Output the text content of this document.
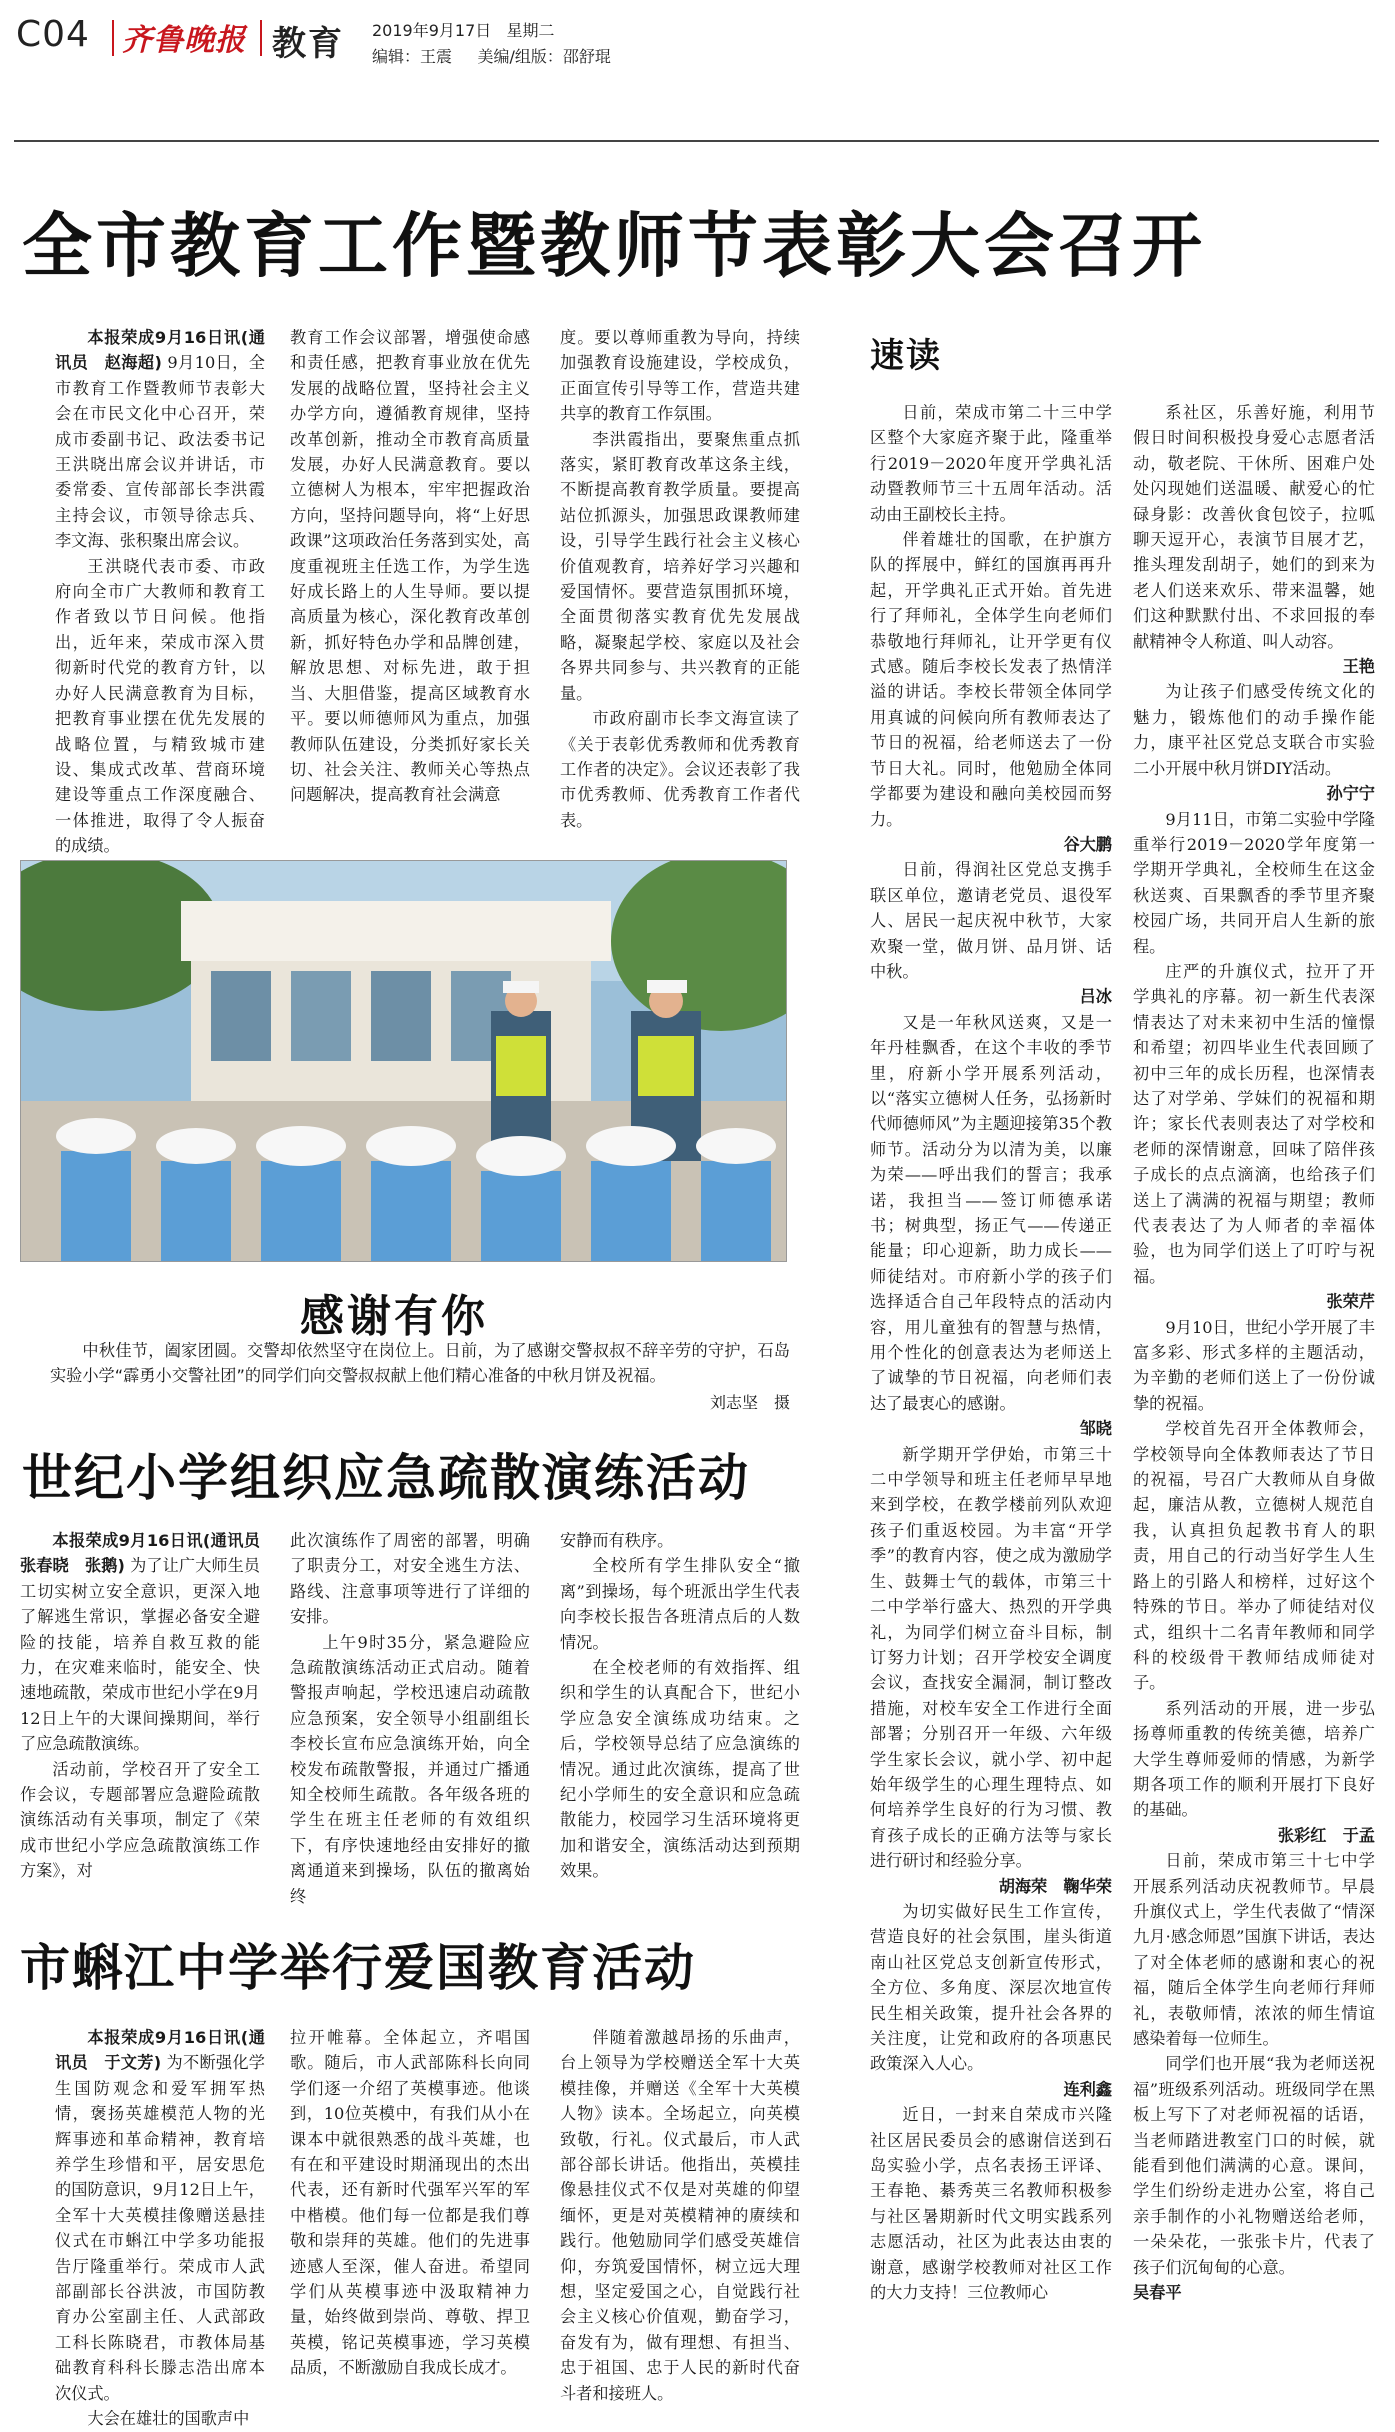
C04 齐鲁晚报 教育 2019年9月17日 星期二
编辑：王震 美编/组版：邵舒琨
全市教育工作暨教师节表彰大会召开

本报荣成9月16日讯(通讯员　赵海超) 9月10日，全市教育工作暨教师节表彰大会在市民文化中心召开，荣成市委副书记、政法委书记王洪晓出席会议并讲话，市委常委、宣传部部长李洪霞主持会议，市领导徐志兵、李文海、张积聚出席会议。

王洪晓代表市委、市政府向全市广大教师和教育工作者致以节日问候。他指出，近年来，荣成市深入贯彻新时代党的教育方针，以办好人民满意教育为目标，把教育事业摆在优先发展的战略位置，与精致城市建设、集成式改革、营商环境建设等重点工作深度融合、一体推进，取得了令人振奋的成绩。

教育工作会议部署，增强使命感和责任感，把教育事业放在优先发展的战略位置，坚持社会主义办学方向，遵循教育规律，坚持改革创新，推动全市教育高质量发展，办好人民满意教育。要以立德树人为根本，牢牢把握政治方向，坚持问题导向，将“上好思政课”这项政治任务落到实处，高度重视班主任选工作，为学生选好成长路上的人生导师。要以提高质量为核心，深化教育改革创新，抓好特色办学和品牌创建，解放思想、对标先进，敢于担当、大胆借鉴，提高区域教育水平。要以师德师风为重点，加强教师队伍建设，分类抓好家长关切、社会关注、教师关心等热点问题解决，提高教育社会满意

度。要以尊师重教为导向，持续加强教育设施建设，学校成负，正面宣传引导等工作，营造共建共享的教育工作氛围。

李洪霞指出，要聚焦重点抓落实，紧盯教育改革这条主线，不断提高教育教学质量。要提高站位抓源头，加强思政课教师建设，引导学生践行社会主义核心价值观教育，培养好学习兴趣和爱国情怀。要营造氛围抓环境，全面贯彻落实教育优先发展战略，凝聚起学校、家庭以及社会各界共同参与、共兴教育的正能量。

市政府副市长李文海宣读了《关于表彰优秀教师和优秀教育工作者的决定》。会议还表彰了我市优秀教师、优秀教育工作者代表。

感谢有你

中秋佳节，阖家团圆。交警却依然坚守在岗位上。日前，为了感谢交警叔叔不辞辛劳的守护，石岛实验小学“霹勇小交警社团”的同学们向交警叔叔献上他们精心准备的中秋月饼及祝福。

刘志坚　摄
世纪小学组织应急疏散演练活动

本报荣成9月16日讯(通讯员　张春晓　张鹅) 为了让广大师生员工切实树立安全意识，更深入地了解逃生常识，掌握必备安全避险的技能，培养自救互救的能力，在灾难来临时，能安全、快速地疏散，荣成市世纪小学在9月12日上午的大课间操期间，举行了应急疏散演练。

活动前，学校召开了安全工作会议，专题部署应急避险疏散演练活动有关事项，制定了《荣成市世纪小学应急疏散演练工作方案》，对

此次演练作了周密的部署，明确了职责分工，对安全逃生方法、路线、注意事项等进行了详细的安排。

上午9时35分，紧急避险应急疏散演练活动正式启动。随着警报声响起，学校迅速启动疏散应急预案，安全领导小组副组长李校长宣布应急演练开始，向全校发布疏散警报，并通过广播通知全校师生疏散。各年级各班的学生在班主任老师的有效组织下，有序快速地经由安排好的撤离通道来到操场，队伍的撤离始终

安静而有秩序。

全校所有学生排队安全“撤离”到操场，每个班派出学生代表向李校长报告各班清点后的人数情况。

在全校老师的有效指挥、组织和学生的认真配合下，世纪小学应急安全演练成功结束。之后，学校领导总结了应急演练的情况。通过此次演练，提高了世纪小学师生的安全意识和应急疏散能力，校园学习生活环境将更加和谐安全，演练活动达到预期效果。

市蝌江中学举行爱国教育活动

本报荣成9月16日讯(通讯员　于文芳) 为不断强化学生国防观念和爱军拥军热情，褒扬英雄模范人物的光辉事迹和革命精神，教育培养学生珍惜和平，居安思危的国防意识，9月12日上午，全军十大英模挂像赠送悬挂仪式在市蝌江中学多功能报告厅隆重举行。荣成市人武部副部长谷洪波，市国防教育办公室副主任、人武部政工科长陈晓君，市教体局基础教育科科长滕志浩出席本次仪式。

大会在雄壮的国歌声中

拉开帷幕。全体起立，齐唱国歌。随后，市人武部陈科长向同学们逐一介绍了英模事迹。他谈到，10位英模中，有我们从小在课本中就很熟悉的战斗英雄，也有在和平建设时期涌现出的杰出代表，还有新时代强军兴军的军中楷模。他们每一位都是我们尊敬和崇拜的英雄。他们的先进事迹感人至深，催人奋进。希望同学们从英模事迹中汲取精神力量，始终做到崇尚、尊敬、捍卫英模，铭记英模事迹，学习英模品质，不断激励自我成长成才。

伴随着激越昂扬的乐曲声，台上领导为学校赠送全军十大英模挂像，并赠送《全军十大英模人物》读本。全场起立，向英模致敬，行礼。仪式最后，市人武部谷部长讲话。他指出，英模挂像悬挂仪式不仅是对英雄的仰望缅怀，更是对英模精神的赓续和践行。他勉励同学们感受英雄信仰，夯筑爱国情怀，树立远大理想，坚定爱国之心，自觉践行社会主义核心价值观，勤奋学习，奋发有为，做有理想、有担当、忠于祖国、忠于人民的新时代奋斗者和接班人。

速读

日前，荣成市第二十三中学区整个大家庭齐聚于此，隆重举行2019－2020年度开学典礼活动暨教师节三十五周年活动。活动由王副校长主持。

伴着雄壮的国歌，在护旗方队的挥展中，鲜红的国旗再再升起，开学典礼正式开始。首先进行了拜师礼，全体学生向老师们恭敬地行拜师礼，让开学更有仪式感。随后李校长发表了热情洋溢的讲话。李校长带领全体同学用真诚的问候向所有教师表达了节日的祝福，给老师送去了一份节日大礼。同时，他勉励全体同学都要为建设和融向美校园而努力。

谷大鹏

日前，得润社区党总支携手联区单位，邀请老党员、退役军人、居民一起庆祝中秋节，大家欢聚一堂，做月饼、品月饼、话中秋。

吕冰

又是一年秋风送爽，又是一年丹桂飘香，在这个丰收的季节里，府新小学开展系列活动，以“落实立德树人任务，弘扬新时代师德师风”为主题迎接第35个教师节。活动分为以清为美，以廉为荣——呼出我们的誓言；我承诺，我担当——签订师德承诺书；树典型，扬正气——传递正能量；印心迎新，助力成长——师徒结对。市府新小学的孩子们选择适合自己年段特点的活动内容，用儿童独有的智慧与热情，用个性化的创意表达为老师送上了诚挚的节日祝福，向老师们表达了最衷心的感谢。

邹晓

新学期开学伊始，市第三十二中学领导和班主任老师早早地来到学校，在教学楼前列队欢迎孩子们重返校园。为丰富“开学季”的教育内容，使之成为激励学生、鼓舞士气的载体，市第三十二中学举行盛大、热烈的开学典礼，为同学们树立奋斗目标，制订努力计划；召开学校安全调度会议，查找安全漏洞，制订整改措施，对校车安全工作进行全面部署；分别召开一年级、六年级学生家长会议，就小学、初中起始年级学生的心理生理特点、如何培养学生良好的行为习惯、教育孩子成长的正确方法等与家长进行研讨和经验分享。

胡海荣　鞠华荣

为切实做好民生工作宣传，营造良好的社会氛围，崖头街道南山社区党总支创新宣传形式，全方位、多角度、深层次地宣传民生相关政策，提升社会各界的关注度，让党和政府的各项惠民政策深入人心。

连利鑫

近日，一封来自荣成市兴隆社区居民委员会的感谢信送到石岛实验小学，点名表扬王评译、王春艳、綦秀英三名教师积极参与社区暑期新时代文明实践系列志愿活动，社区为此表达由衷的谢意，感谢学校教师对社区工作的大力支持！三位教师心

系社区，乐善好施，利用节假日时间积极投身爱心志愿者活动，敬老院、干休所、困难户处处闪现她们送温暖、献爱心的忙碌身影：改善伙食包饺子，拉呱聊天逗开心，表演节目展才艺，推头理发刮胡子，她们的到来为老人们送来欢乐、带来温馨，她们这种默默付出、不求回报的奉献精神令人称道、叫人动容。

王艳

为让孩子们感受传统文化的魅力，锻炼他们的动手操作能力，康平社区党总支联合市实验二小开展中秋月饼DIY活动。

孙宁宁

9月11日，市第二实验中学隆重举行2019－2020学年度第一学期开学典礼，全校师生在这金秋送爽、百果飘香的季节里齐聚校园广场，共同开启人生新的旅程。

庄严的升旗仪式，拉开了开学典礼的序幕。初一新生代表深情表达了对未来初中生活的憧憬和希望；初四毕业生代表回顾了初中三年的成长历程，也深情表达了对学弟、学妹们的祝福和期许；家长代表则表达了对学校和老师的深情谢意，回味了陪伴孩子成长的点点滴滴，也给孩子们送上了满满的祝福与期望；教师代表表达了为人师者的幸福体验，也为同学们送上了叮咛与祝福。

张荣芹

9月10日，世纪小学开展了丰富多彩、形式多样的主题活动，为辛勤的老师们送上了一份份诚挚的祝福。

学校首先召开全体教师会，学校领导向全体教师表达了节日的祝福，号召广大教师从自身做起，廉洁从教，立德树人规范自我，认真担负起教书育人的职责，用自己的行动当好学生人生路上的引路人和榜样，过好这个特殊的节日。举办了师徒结对仪式，组织十二名青年教师和同学科的校级骨干教师结成师徒对子。

系列活动的开展，进一步弘扬尊师重教的传统美德，培养广大学生尊师爱师的情感，为新学期各项工作的顺利开展打下良好的基础。

张彩红　于孟

日前，荣成市第三十七中学开展系列活动庆祝教师节。早晨升旗仪式上，学生代表做了“情深九月·感念师恩”国旗下讲话，表达了对全体老师的感谢和衷心的祝福，随后全体学生向老师行拜师礼，表敬师情，浓浓的师生情谊感染着每一位师生。

同学们也开展“我为老师送祝福”班级系列活动。班级同学在黑板上写下了对老师祝福的话语，当老师踏进教室门口的时候，就能看到他们满满的心意。课间，学生们纷纷走进办公室，将自己亲手制作的小礼物赠送给老师，一朵朵花，一张张卡片，代表了孩子们沉甸甸的心意。

吴春平
